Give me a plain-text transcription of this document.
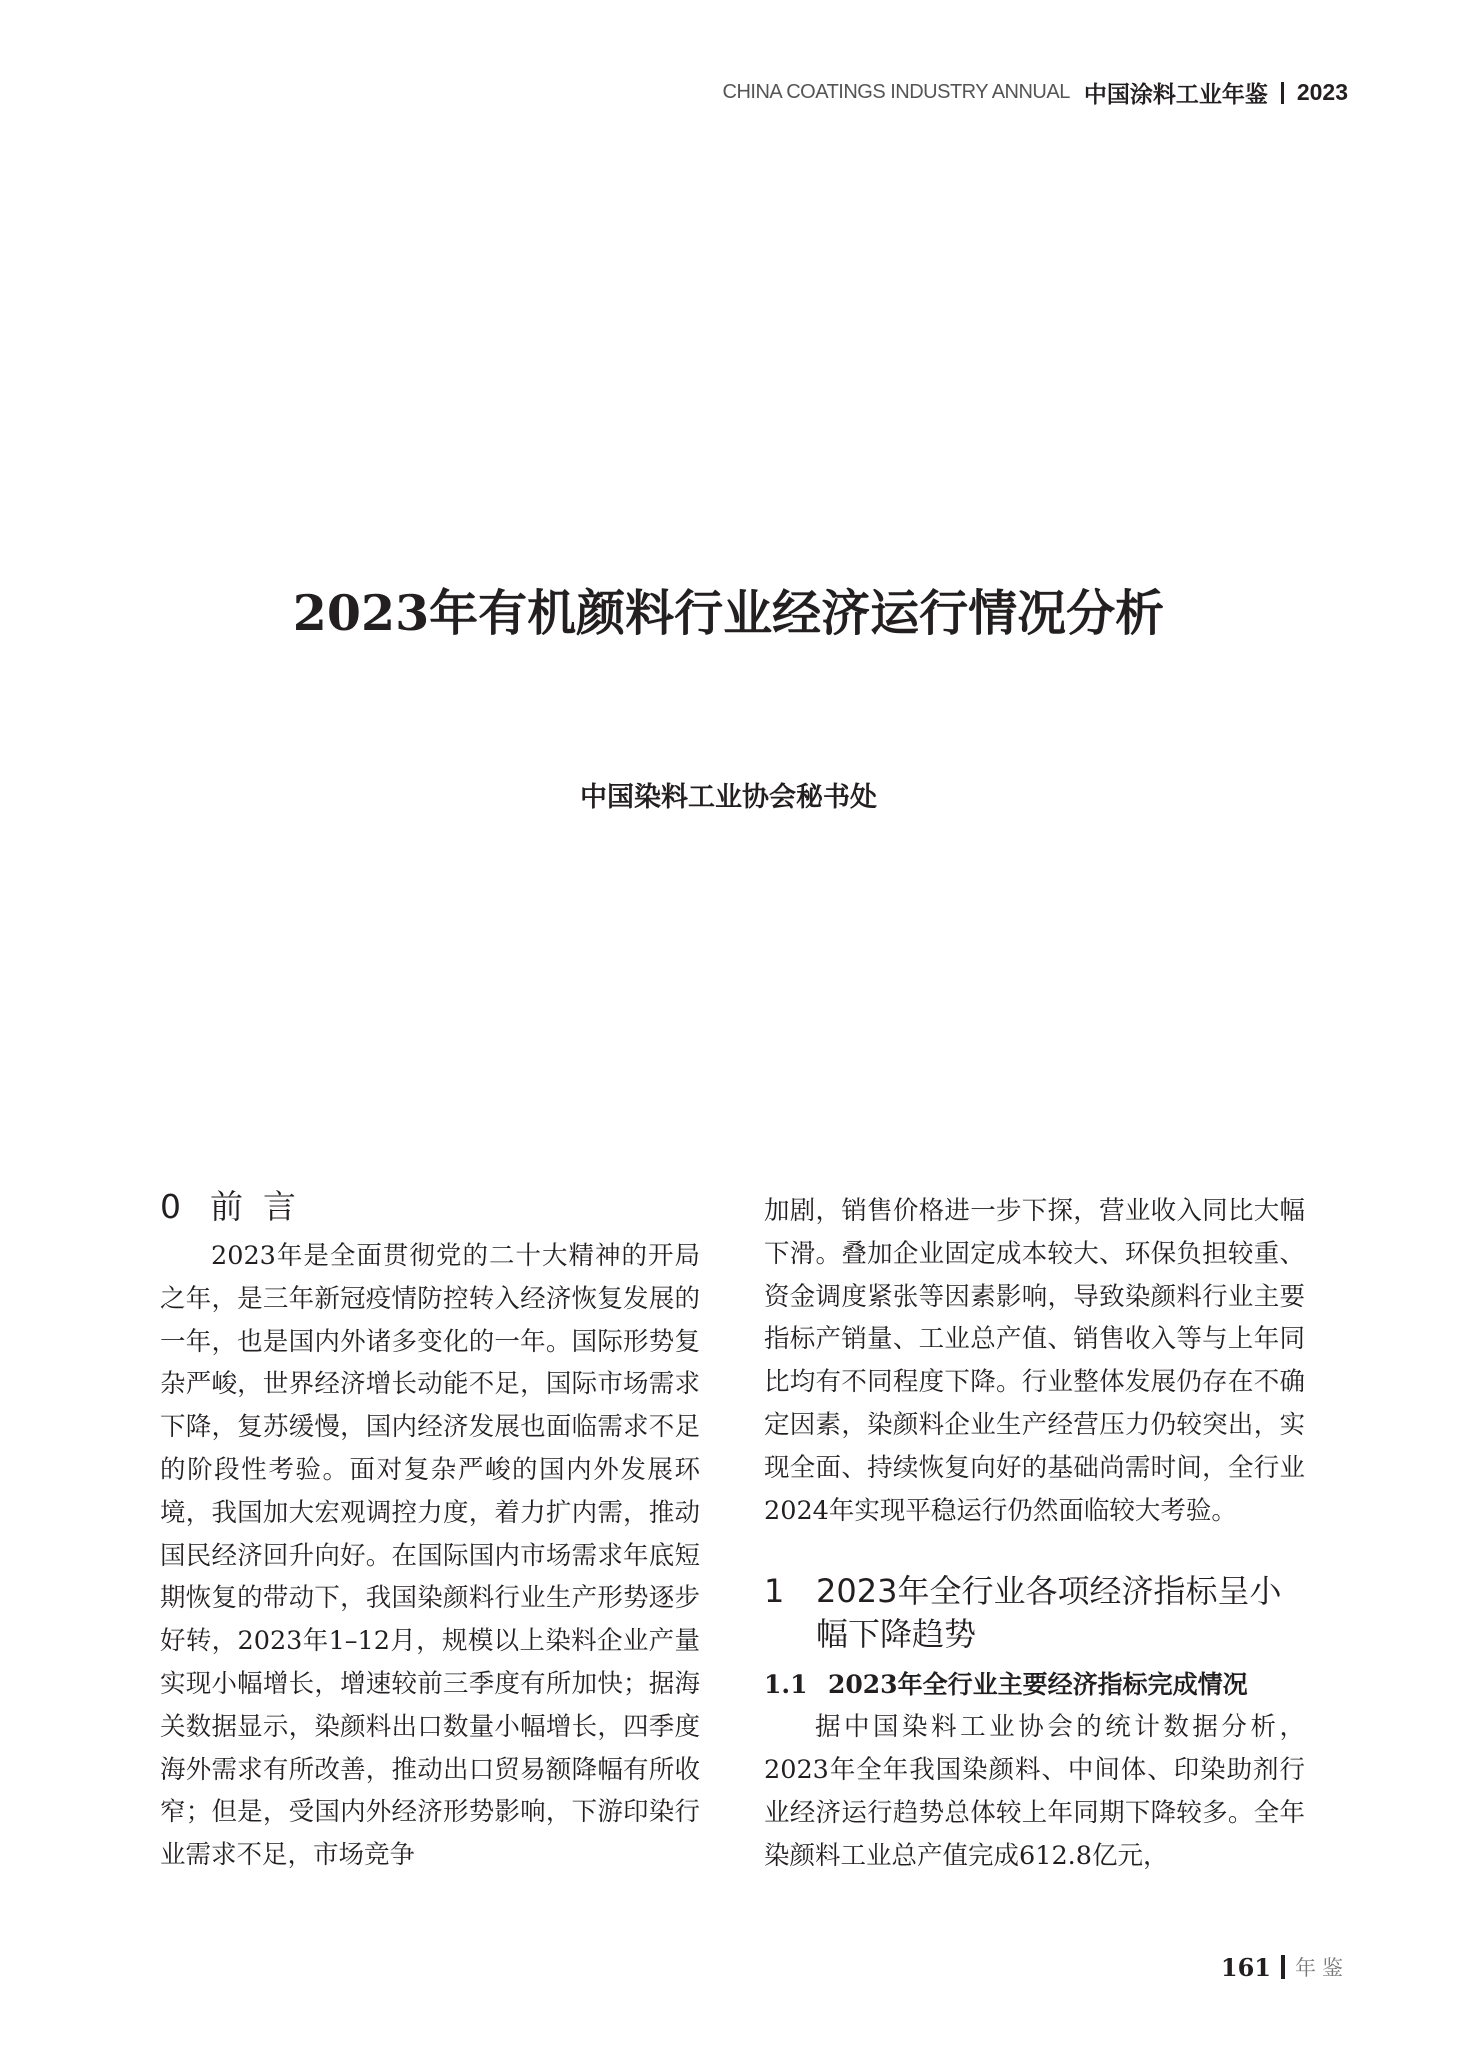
CHINA COATINGS INDUSTRY ANNUAL 中国涂料工业年鉴 2023
2023年有机颜料行业经济运行情况分析
中国染料工业协会秘书处
0 前言

2023年是全面贯彻党的二十大精神的开局之年，是三年新冠疫情防控转入经济恢复发展的一年，也是国内外诸多变化的一年。国际形势复杂严峻，世界经济增长动能不足，国际市场需求下降，复苏缓慢，国内经济发展也面临需求不足的阶段性考验。面对复杂严峻的国内外发展环境，我国加大宏观调控力度，着力扩内需，推动国民经济回升向好。在国际国内市场需求年底短期恢复的带动下，我国染颜料行业生产形势逐步好转，2023年1–12月，规模以上染料企业产量实现小幅增长，增速较前三季度有所加快；据海关数据显示，染颜料出口数量小幅增长，四季度海外需求有所改善，推动出口贸易额降幅有所收窄；但是，受国内外经济形势影响，下游印染行业需求不足，市场竞争

加剧，销售价格进一步下探，营业收入同比大幅下滑。叠加企业固定成本较大、环保负担较重、资金调度紧张等因素影响，导致染颜料行业主要指标产销量、工业总产值、销售收入等与上年同比均有不同程度下降。行业整体发展仍存在不确定因素，染颜料企业生产经营压力仍较突出，实现全面、持续恢复向好的基础尚需时间，全行业2024年实现平稳运行仍然面临较大考验。

1 2023年全行业各项经济指标呈小幅下降趋势
1.1 2023年全行业主要经济指标完成情况

据中国染料工业协会的统计数据分析，2023年全年我国染颜料、中间体、印染助剂行业经济运行趋势总体较上年同期下降较多。全年染颜料工业总产值完成612.8亿元，

161 年鉴
